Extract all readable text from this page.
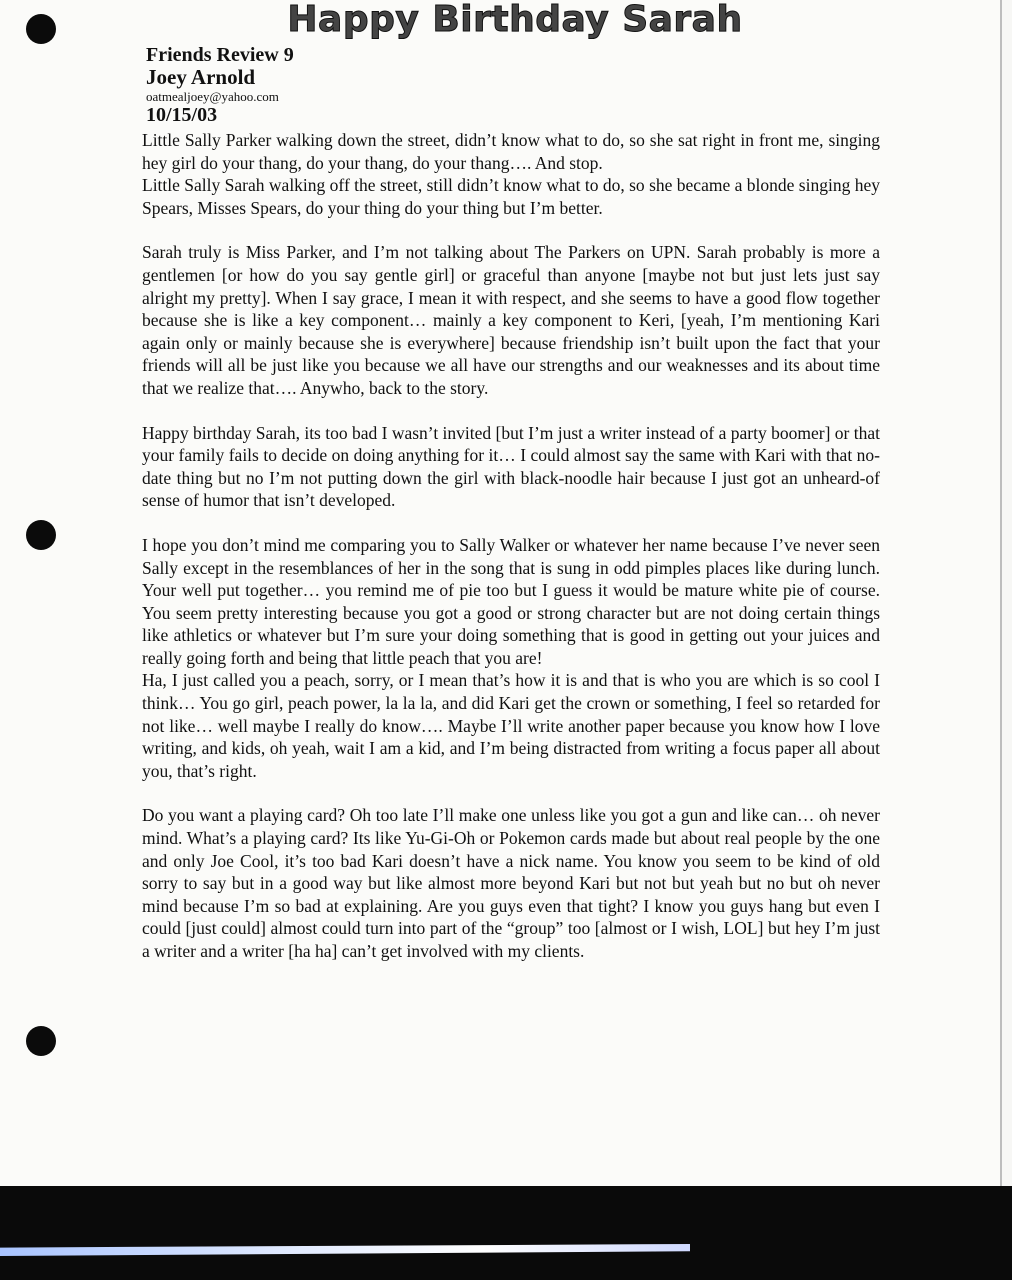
Happy Birthday Sarah
Friends Review 9
Joey Arnold
oatmealjoey@yahoo.com
10/15/03

Little Sally Parker walking down the street, didn’t know what to do, so she sat right in front me, singing hey girl do your thang, do your thang, do your thang…. And stop.

Little Sally Sarah walking off the street, still didn’t know what to do, so she became a blonde singing hey Spears, Misses Spears, do your thing do your thing but I’m better.

Sarah truly is Miss Parker, and I’m not talking about The Parkers on UPN. Sarah probably is more a gentlemen [or how do you say gentle girl] or graceful than anyone [maybe not but just lets just say alright my pretty]. When I say grace, I mean it with respect, and she seems to have a good flow together because she is like a key component… mainly a key component to Keri, [yeah, I’m mentioning Kari again only or mainly because she is everywhere] because friendship isn’t built upon the fact that your friends will all be just like you because we all have our strengths and our weaknesses and its about time that we realize that…. Anywho, back to the story.

Happy birthday Sarah, its too bad I wasn’t invited [but I’m just a writer instead of a party boomer] or that your family fails to decide on doing anything for it… I could almost say the same with Kari with that no-date thing but no I’m not putting down the girl with black-noodle hair because I just got an unheard-of sense of humor that isn’t developed.

I hope you don’t mind me comparing you to Sally Walker or whatever her name because I’ve never seen Sally except in the resemblances of her in the song that is sung in odd pimples places like during lunch. Your well put together… you remind me of pie too but I guess it would be mature white pie of course. You seem pretty interesting because you got a good or strong character but are not doing certain things like athletics or whatever but I’m sure your doing something that is good in getting out your juices and really going forth and being that little peach that you are!

Ha, I just called you a peach, sorry, or I mean that’s how it is and that is who you are which is so cool I think… You go girl, peach power, la la la, and did Kari get the crown or something, I feel so retarded for not like… well maybe I really do know…. Maybe I’ll write another paper because you know how I love writing, and kids, oh yeah, wait I am a kid, and I’m being distracted from writing a focus paper all about you, that’s right.

Do you want a playing card? Oh too late I’ll make one unless like you got a gun and like can… oh never mind. What’s a playing card? Its like Yu-Gi-Oh or Pokemon cards made but about real people by the one and only Joe Cool, it’s too bad Kari doesn’t have a nick name. You know you seem to be kind of old sorry to say but in a good way but like almost more beyond Kari but not but yeah but no but oh never mind because I’m so bad at explaining. Are you guys even that tight? I know you guys hang but even I could [just could] almost could turn into part of the “group” too [almost or I wish, LOL] but hey I’m just a writer and a writer [ha ha] can’t get involved with my clients.
